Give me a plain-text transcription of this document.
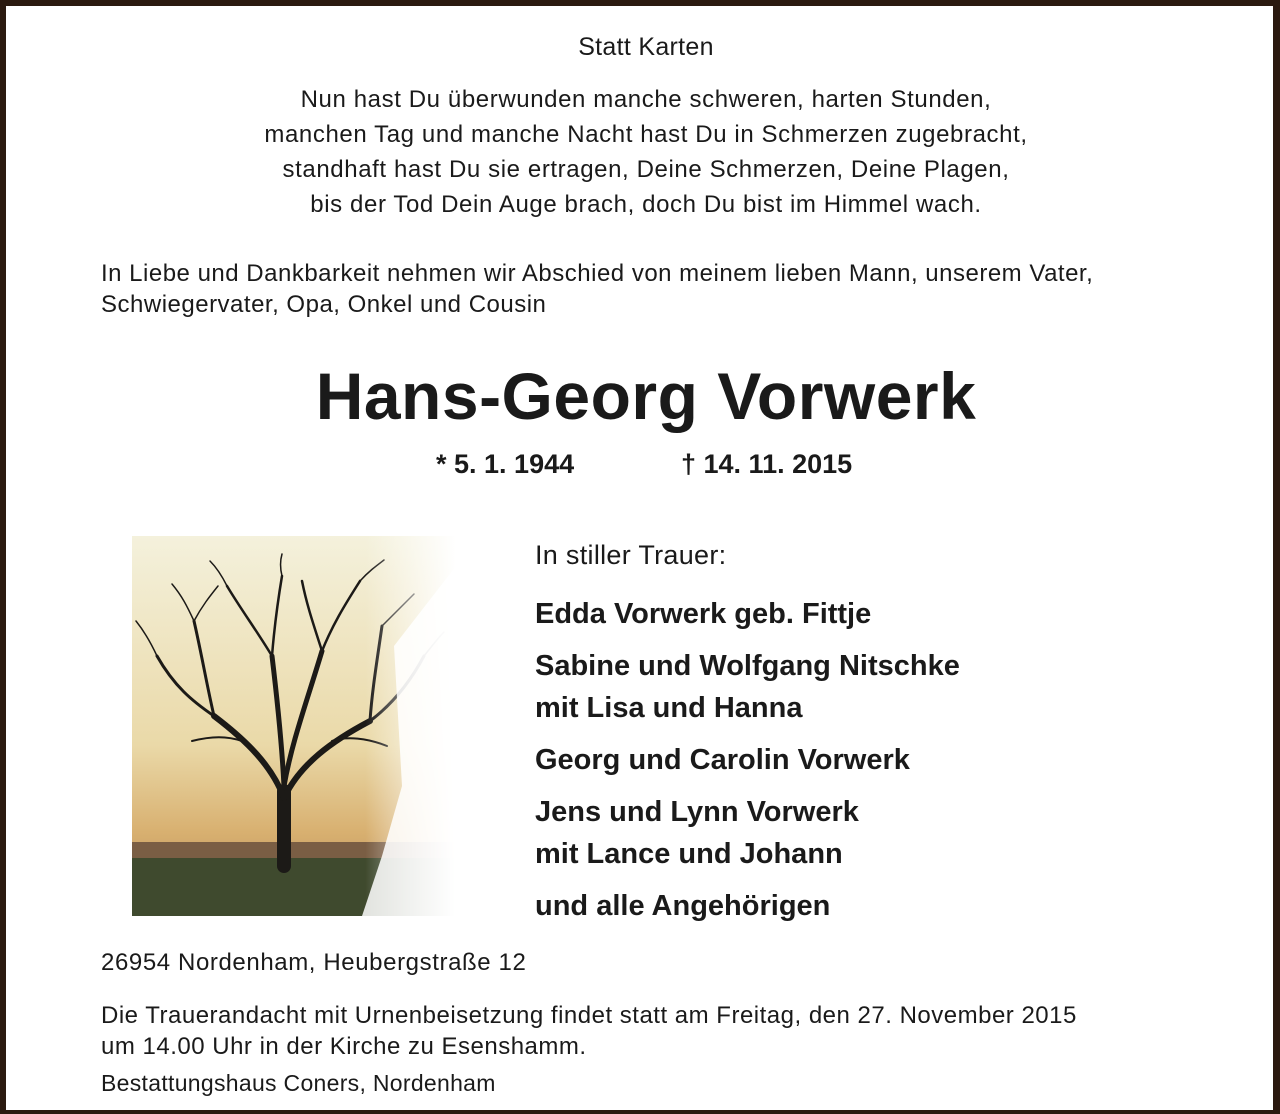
Statt Karten
Nun hast Du überwunden manche schweren, harten Stunden,
manchen Tag und manche Nacht hast Du in Schmerzen zugebracht,
standhaft hast Du sie ertragen, Deine Schmerzen, Deine Plagen,
bis der Tod Dein Auge brach, doch Du bist im Himmel wach.
In Liebe und Dankbarkeit nehmen wir Abschied von meinem lieben Mann, unserem Vater,
Schwiegervater, Opa, Onkel und Cousin
Hans-Georg Vorwerk
* 5. 1. 1944	† 14. 11. 2015
In stiller Trauer:
Edda Vorwerk geb. Fittje
Sabine und Wolfgang Nitschke
mit Lisa und Hanna
Georg und Carolin Vorwerk
Jens und Lynn Vorwerk
mit Lance und Johann
und alle Angehörigen
26954 Nordenham, Heubergstraße 12
Die Trauerandacht mit Urnenbeisetzung findet statt am Freitag, den 27. November 2015
um 14.00 Uhr in der Kirche zu Esenshamm.
Bestattungshaus Coners, Nordenham
